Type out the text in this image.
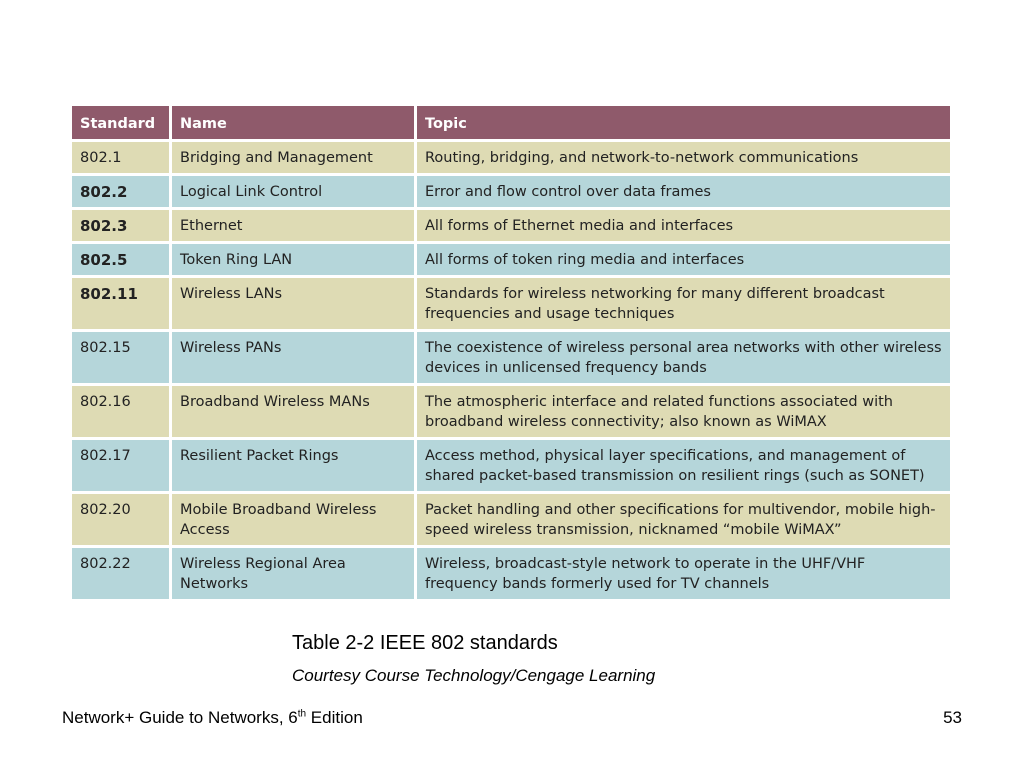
Standard	Name	Topic
802.1	Bridging and Management	Routing, bridging, and network-to-network communications
802.2	Logical Link Control	Error and flow control over data frames
802.3	Ethernet	All forms of Ethernet media and interfaces
802.5	Token Ring LAN	All forms of token ring media and interfaces
802.11	Wireless LANs	Standards for wireless networking for many different broadcast frequencies and usage techniques
802.15	Wireless PANs	The coexistence of wireless personal area networks with other wireless devices in unlicensed frequency bands
802.16	Broadband Wireless MANs	The atmospheric interface and related functions associated with broadband wireless connectivity; also known as WiMAX
802.17	Resilient Packet Rings	Access method, physical layer specifications, and management of shared packet-based transmission on resilient rings (such as SONET)
802.20	Mobile Broadband Wireless Access	Packet handling and other specifications for multivendor, mobile high-speed wireless transmission, nicknamed “mobile WiMAX”
802.22	Wireless Regional Area Networks	Wireless, broadcast-style network to operate in the UHF/VHF frequency bands formerly used for TV channels
Table 2-2 IEEE 802 standards
Courtesy Course Technology/Cengage Learning
Network+ Guide to Networks, 6th Edition	53
